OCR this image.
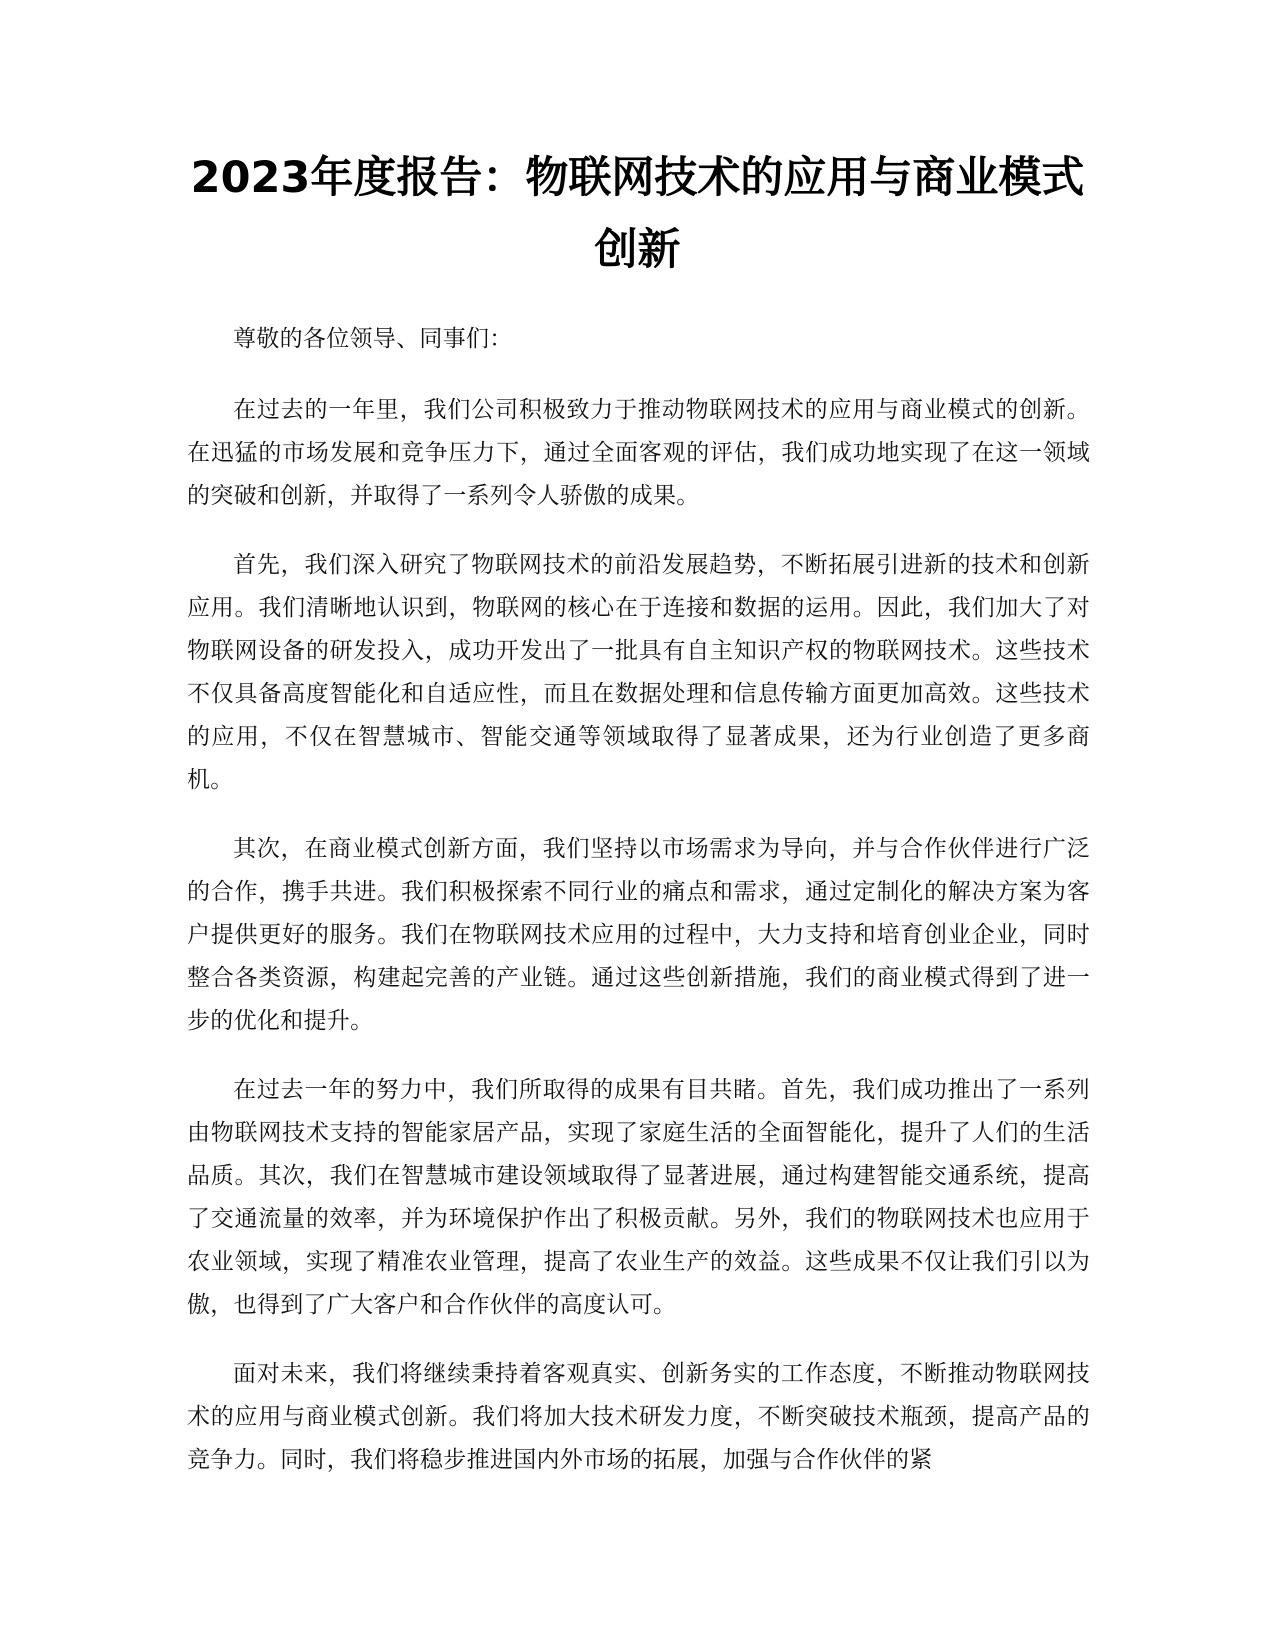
2023年度报告：物联网技术的应用与商业模式创新

尊敬的各位领导、同事们：

在过去的一年里，我们公司积极致力于推动物联网技术的应用与商业模式的创新。在迅猛的市场发展和竞争压力下，通过全面客观的评估，我们成功地实现了在这一领域的突破和创新，并取得了一系列令人骄傲的成果。

首先，我们深入研究了物联网技术的前沿发展趋势，不断拓展引进新的技术和创新应用。我们清晰地认识到，物联网的核心在于连接和数据的运用。因此，我们加大了对物联网设备的研发投入，成功开发出了一批具有自主知识产权的物联网技术。这些技术不仅具备高度智能化和自适应性，而且在数据处理和信息传输方面更加高效。这些技术的应用，不仅在智慧城市、智能交通等领域取得了显著成果，还为行业创造了更多商机。

其次，在商业模式创新方面，我们坚持以市场需求为导向，并与合作伙伴进行广泛的合作，携手共进。我们积极探索不同行业的痛点和需求，通过定制化的解决方案为客户提供更好的服务。我们在物联网技术应用的过程中，大力支持和培育创业企业，同时整合各类资源，构建起完善的产业链。通过这些创新措施，我们的商业模式得到了进一步的优化和提升。

在过去一年的努力中，我们所取得的成果有目共睹。首先，我们成功推出了一系列由物联网技术支持的智能家居产品，实现了家庭生活的全面智能化，提升了人们的生活品质。其次，我们在智慧城市建设领域取得了显著进展，通过构建智能交通系统，提高了交通流量的效率，并为环境保护作出了积极贡献。另外，我们的物联网技术也应用于农业领域，实现了精准农业管理，提高了农业生产的效益。这些成果不仅让我们引以为傲，也得到了广大客户和合作伙伴的高度认可。

面对未来，我们将继续秉持着客观真实、创新务实的工作态度，不断推动物联网技术的应用与商业模式创新。我们将加大技术研发力度，不断突破技术瓶颈，提高产品的竞争力。同时，我们将稳步推进国内外市场的拓展，加强与合作伙伴的紧
